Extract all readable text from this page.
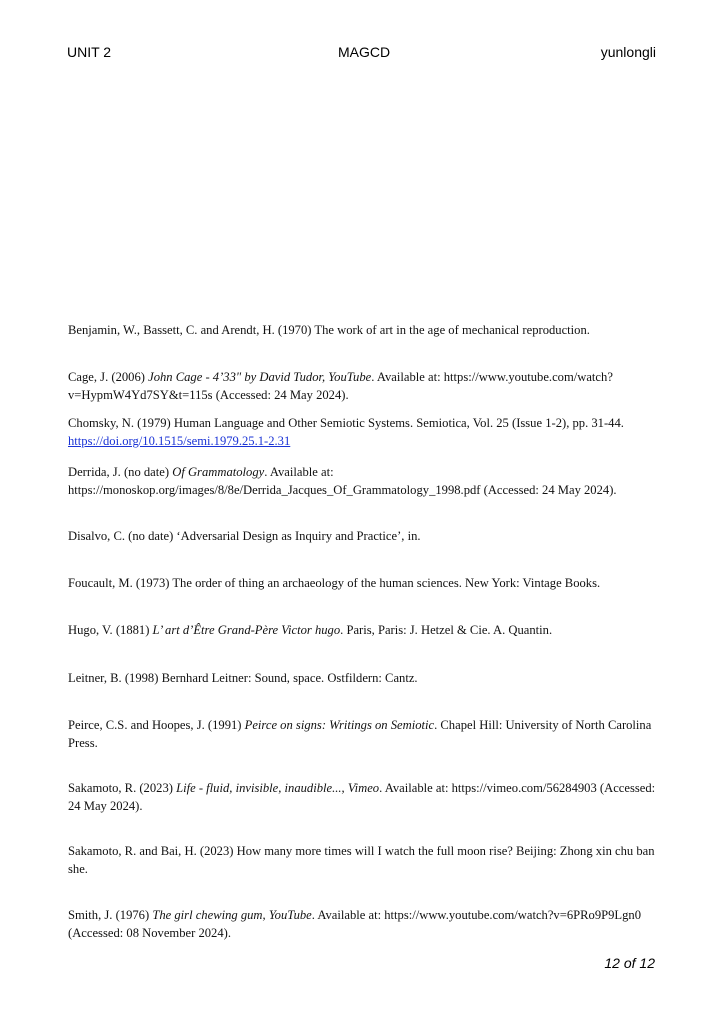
UNIT 2	MAGCD	yunlongli
Benjamin, W., Bassett, C. and Arendt, H. (1970) The work of art in the age of mechanical reproduction.
Cage, J. (2006) John Cage - 4’33" by David Tudor, YouTube. Available at: https://www.youtube.com/watch?v=HypmW4Yd7SY&t=115s (Accessed: 24 May 2024).
Chomsky, N. (1979) Human Language and Other Semiotic Systems. Semiotica, Vol. 25 (Issue 1-2), pp. 31-44. https://doi.org/10.1515/semi.1979.25.1-2.31
Derrida, J. (no date) Of Grammatology. Available at: https://monoskop.org/images/8/8e/Derrida_Jacques_Of_Grammatology_1998.pdf (Accessed: 24 May 2024).
Disalvo, C. (no date) ‘Adversarial Design as Inquiry and Practice’, in.
Foucault, M. (1973) The order of thing an archaeology of the human sciences. New York: Vintage Books.
Hugo, V. (1881) L’ art d’Être Grand-Père Victor hugo. Paris, Paris: J. Hetzel & Cie. A. Quantin.
Leitner, B. (1998) Bernhard Leitner: Sound, space. Ostfildern: Cantz.
Peirce, C.S. and Hoopes, J. (1991) Peirce on signs: Writings on Semiotic. Chapel Hill: University of North Carolina Press.
Sakamoto, R. (2023) Life - fluid, invisible, inaudible..., Vimeo. Available at: https://vimeo.com/56284903 (Accessed: 24 May 2024).
Sakamoto, R. and Bai, H. (2023) How many more times will I watch the full moon rise? Beijing: Zhong xin chu ban she.
Smith, J. (1976) The girl chewing gum, YouTube. Available at: https://www.youtube.com/watch?v=6PRo9P9Lgn0 (Accessed: 08 November 2024).
12 of 12
